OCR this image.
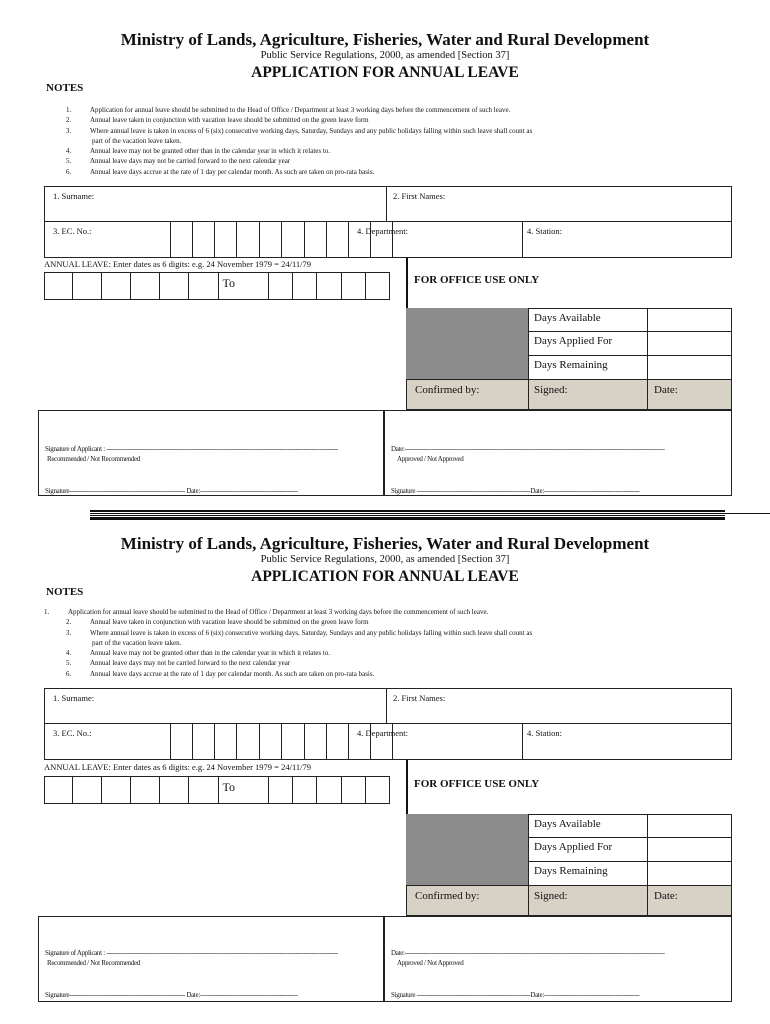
Ministry of Lands, Agriculture, Fisheries, Water and Rural Development
Public Service Regulations, 2000, as amended [Section 37]
APPLICATION FOR ANNUAL LEAVE
NOTES
1.	Application for annual leave should be submitted to the Head of Office / Department at least 3 working days before the commencement of such leave.
2.	Annual leave taken in conjunction with vacation leave should be submitted on the green leave form
3.	Where annual leave is taken in excess of 6 (six) consecutive working days, Saturday, Sundays and any public holidays falling within such leave shall count as
part of the vacation leave taken.
4.	Annual leave may not be granted other than in the calendar year in which it relates to.
5.	Annual leave days may not be carried forward to the next calendar year
6.	Annual leave days accrue at the rate of 1 day per calendar month. As such are taken on pro-rata basis.
1. Surname:	2. First Names:
3. EC. No.:	4. Department:	4. Station:
ANNUAL LEAVE: Enter dates as 6 digits: e.g. 24 November 1979 = 24/11/79
To	FOR OFFICE USE ONLY
Days Available
Days Applied For
Days Remaining
Confirmed by:	Signed:	Date:
Signature of Applicant : ------------------------------------------------------------------------------------------------------------------
Recommended / Not Recommended
Signature--------------------------------------------------------- Date:------------------------------------------------
Date:--------------------------------------------------------------------------------------------------------------------------------
Approved / Not Approved
Signature --------------------------------------------------------Date:-----------------------------------------------
Ministry of Lands, Agriculture, Fisheries, Water and Rural Development
Public Service Regulations, 2000, as amended [Section 37]
APPLICATION FOR ANNUAL LEAVE
NOTES
1.	Application for annual leave should be submitted to the Head of Office / Department at least 3 working days before the commencement of such leave.
2.	Annual leave taken in conjunction with vacation leave should be submitted on the green leave form
3.	Where annual leave is taken in excess of 6 (six) consecutive working days, Saturday, Sundays and any public holidays falling within such leave shall count as
part of the vacation leave taken.
4.	Annual leave may not be granted other than in the calendar year in which it relates to.
5.	Annual leave days may not be carried forward to the next calendar year
6.	Annual leave days accrue at the rate of 1 day per calendar month. As such are taken on pro-rata basis.
1. Surname:	2. First Names:
3. EC. No.:	4. Department:	4. Station:
ANNUAL LEAVE: Enter dates as 6 digits: e.g. 24 November 1979 = 24/11/79
To	FOR OFFICE USE ONLY
Days Available
Days Applied For
Days Remaining
Confirmed by:	Signed:	Date:
Signature of Applicant : ------------------------------------------------------------------------------------------------------------------
Recommended / Not Recommended
Signature--------------------------------------------------------- Date:------------------------------------------------
Date:--------------------------------------------------------------------------------------------------------------------------------
Approved / Not Approved
Signature --------------------------------------------------------Date:-----------------------------------------------
